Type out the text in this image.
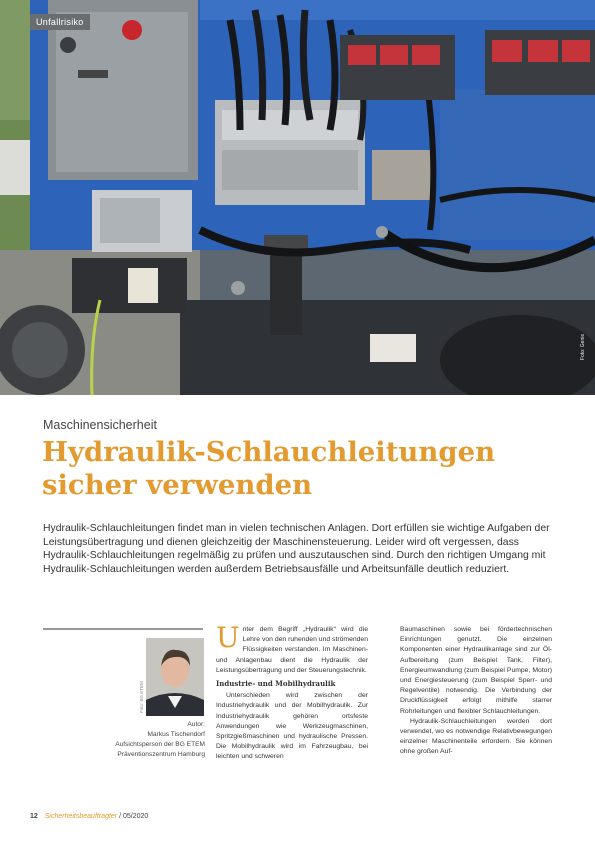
Unfallrisiko
Foto: Genie
Maschinensicherheit
Hydraulik-Schlauchleitungen
sicher verwenden

Hydraulik-Schlauchleitungen findet man in vielen technischen Anlagen. Dort erfüllen sie wichtige Aufgaben der Leistungsübertragung und dienen gleichzeitig der Maschinensteuerung. Leider wird oft vergessen, dass Hydraulik-Schlauchleitungen regelmäßig zu prüfen und auszutauschen sind. Durch den richtigen Umgang mit Hydraulik-Schlauchleitungen werden außerdem Betriebsausfälle und Arbeitsunfälle deutlich reduziert.

Foto: BG ETEM
Autor:
Markus Tischendorf
Aufsichtsperson der BG ETEM
Präventionszentrum Hamburg

Unter dem Begriff „Hydraulik“ wird die Lehre von den ruhenden und strömenden Flüssigkeiten verstanden. Im Maschinen- und Anlagenbau dient die Hydraulik der Leistungsübertragung und der Steuerungstechnik.

Industrie- und Mobilhydraulik

Unterschieden wird zwischen der Industriehydraulik und der Mobilhydraulik. Zur Industriehydraulik gehören ortsfeste Anwendungen wie Werkzeugmaschinen, Spritzgießmaschinen und hydraulische Pressen. Die Mobilhydraulik wird im Fahrzeugbau, bei leichten und schweren

Baumaschinen sowie bei fördertechnischen Einrichtungen genutzt. Die einzelnen Komponenten einer Hydraulikanlage sind zur Öl-Aufbereitung (zum Beispiel Tank, Filter), Energieumwandlung (zum Beispiel Pumpe, Motor) und Energiesteuerung (zum Beispiel Sperr- und Regelventile) notwendig. Die Verbindung der Druckflüssigkeit erfolgt mithilfe starrer Rohrleitungen und flexibler Schlauchleitungen.

Hydraulik-Schlauchleitungen werden dort verwendet, wo es notwendige Relativbewegungen einzelner Maschinenteile erfordern. Sie können ohne großen Auf-

12 Sicherheitsbeauftragter / 05/2020
